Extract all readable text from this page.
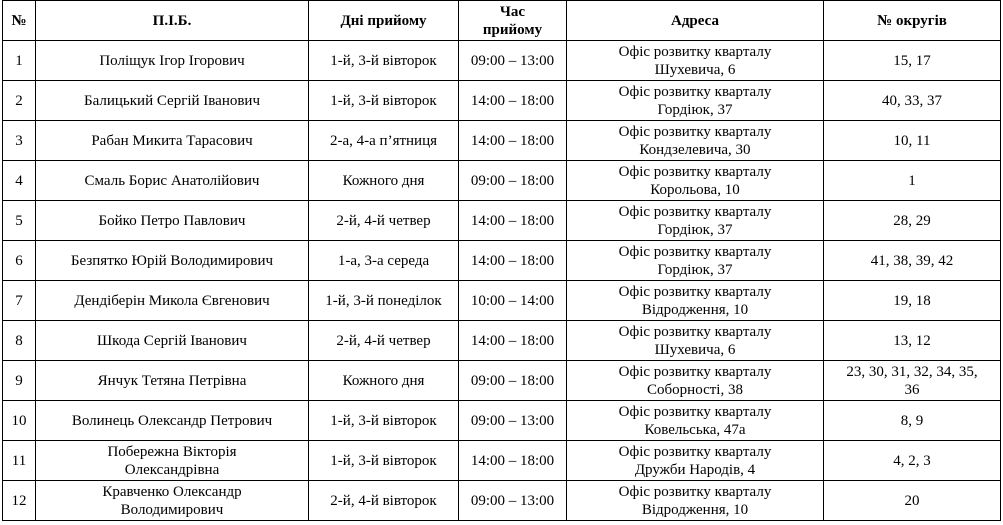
№	П.І.Б.	Дні прийому	Час
прийому	Адреса	№ округів
1	Поліщук Ігор Ігорович	1-й, 3-й вівторок	09:00 – 13:00	Офіс розвитку кварталу
Шухевича, 6	15, 17

2	Балицький Сергій Іванович	1-й, 3-й вівторок	14:00 – 18:00	Офіс розвитку кварталу
Гордіюк, 37	40, 33, 37

3	Рабан Микита Тарасович	2-а, 4-а п’ятниця	14:00 – 18:00	Офіс розвитку кварталу
Кондзелевича, 30	10, 11

4	Смаль Борис Анатолійович	Кожного дня	09:00 – 18:00	Офіс розвитку кварталу
Корольова, 10	1

5	Бойко Петро Павлович	2-й, 4-й четвер	14:00 – 18:00	Офіс розвитку кварталу
Гордіюк, 37	28, 29

6	Безпятко Юрій Володимирович	1-а, 3-а середа	14:00 – 18:00	Офіс розвитку кварталу
Гордіюк, 37	41, 38, 39, 42

7	Дендіберін Микола Євгенович	1-й, 3-й понеділок	10:00 – 14:00	Офіс розвитку кварталу
Відродження, 10	19, 18

8	Шкода Сергій Іванович	2-й, 4-й четвер	14:00 – 18:00	Офіс розвитку кварталу
Шухевича, 6	13, 12

9	Янчук Тетяна Петрівна	Кожного дня	09:00 – 18:00	Офіс розвитку кварталу
Соборності, 38	23, 30, 31, 32, 34, 35,
36

10	Волинець Олександр Петрович	1-й, 3-й вівторок	09:00 – 13:00	Офіс розвитку кварталу
Ковельська, 47а	8, 9

11	Побережна Вікторія
Олександрівна	1-й, 3-й вівторок	14:00 – 18:00	Офіс розвитку кварталу
Дружби Народів, 4	4, 2, 3

12	Кравченко Олександр
Володимирович	2-й, 4-й вівторок	09:00 – 13:00	Офіс розвитку кварталу
Відродження, 10	20
